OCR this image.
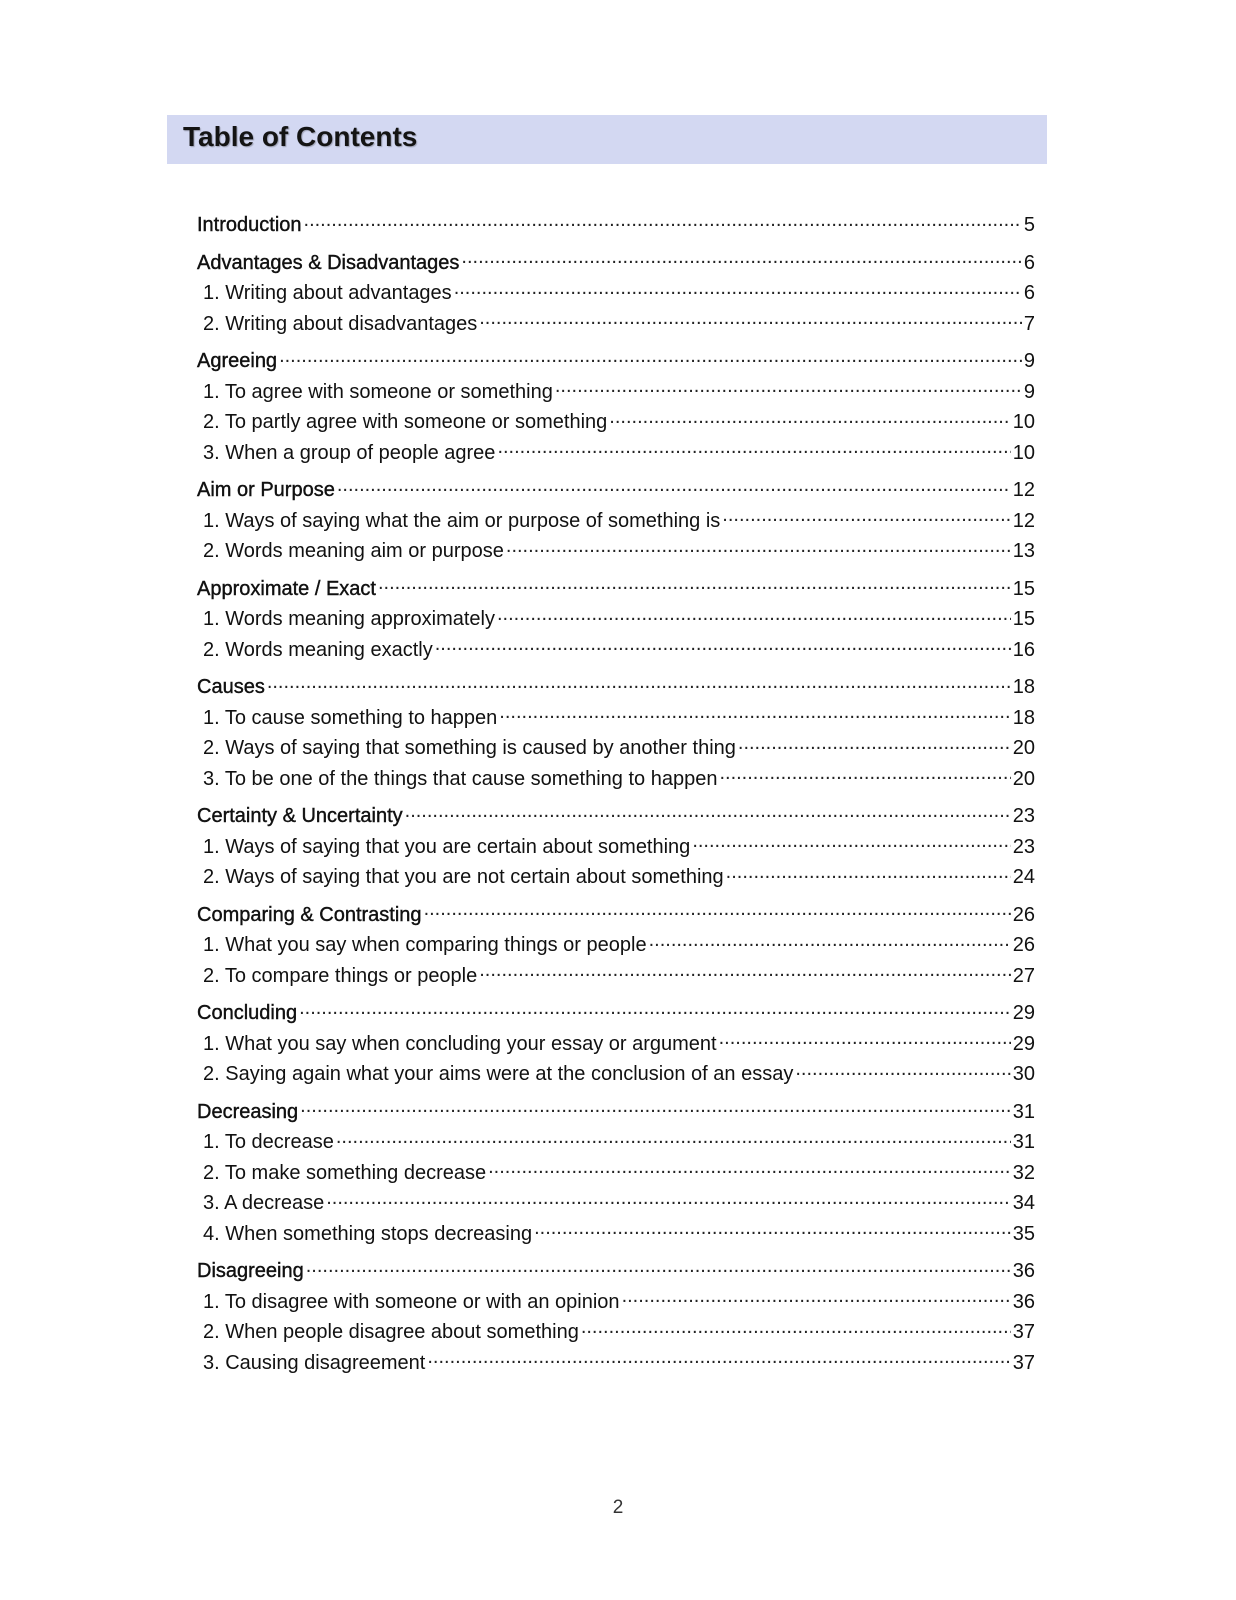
Table of Contents
Introduction .....	5
Advantages & Disadvantages .....	6
1. Writing about advantages .....	6
2. Writing about disadvantages .....	7
Agreeing .....	9
1. To agree with someone or something .....	9
2. To partly agree with someone or something .....	10
3. When a group of people agree .....	10
Aim or Purpose .....	12
1. Ways of saying what the aim or purpose of something is .....	12
2. Words meaning aim or purpose .....	13
Approximate / Exact .....	15
1. Words meaning approximately .....	15
2. Words meaning exactly .....	16
Causes .....	18
1. To cause something to happen .....	18
2. Ways of saying that something is caused by another thing .....	20
3. To be one of the things that cause something to happen .....	20
Certainty & Uncertainty .....	23
1. Ways of saying that you are certain about something .....	23
2. Ways of saying that you are not certain about something .....	24
Comparing & Contrasting .....	26
1. What you say when comparing things or people .....	26
2. To compare things or people .....	27
Concluding .....	29
1. What you say when concluding your essay or argument .....	29
2. Saying again what your aims were at the conclusion of an essay .....	30
Decreasing .....	31
1. To decrease .....	31
2. To make something decrease .....	32
3. A decrease .....	34
4. When something stops decreasing .....	35
Disagreeing .....	36
1. To disagree with someone or with an opinion .....	36
2. When people disagree about something .....	37
3. Causing disagreement .....	37
2
